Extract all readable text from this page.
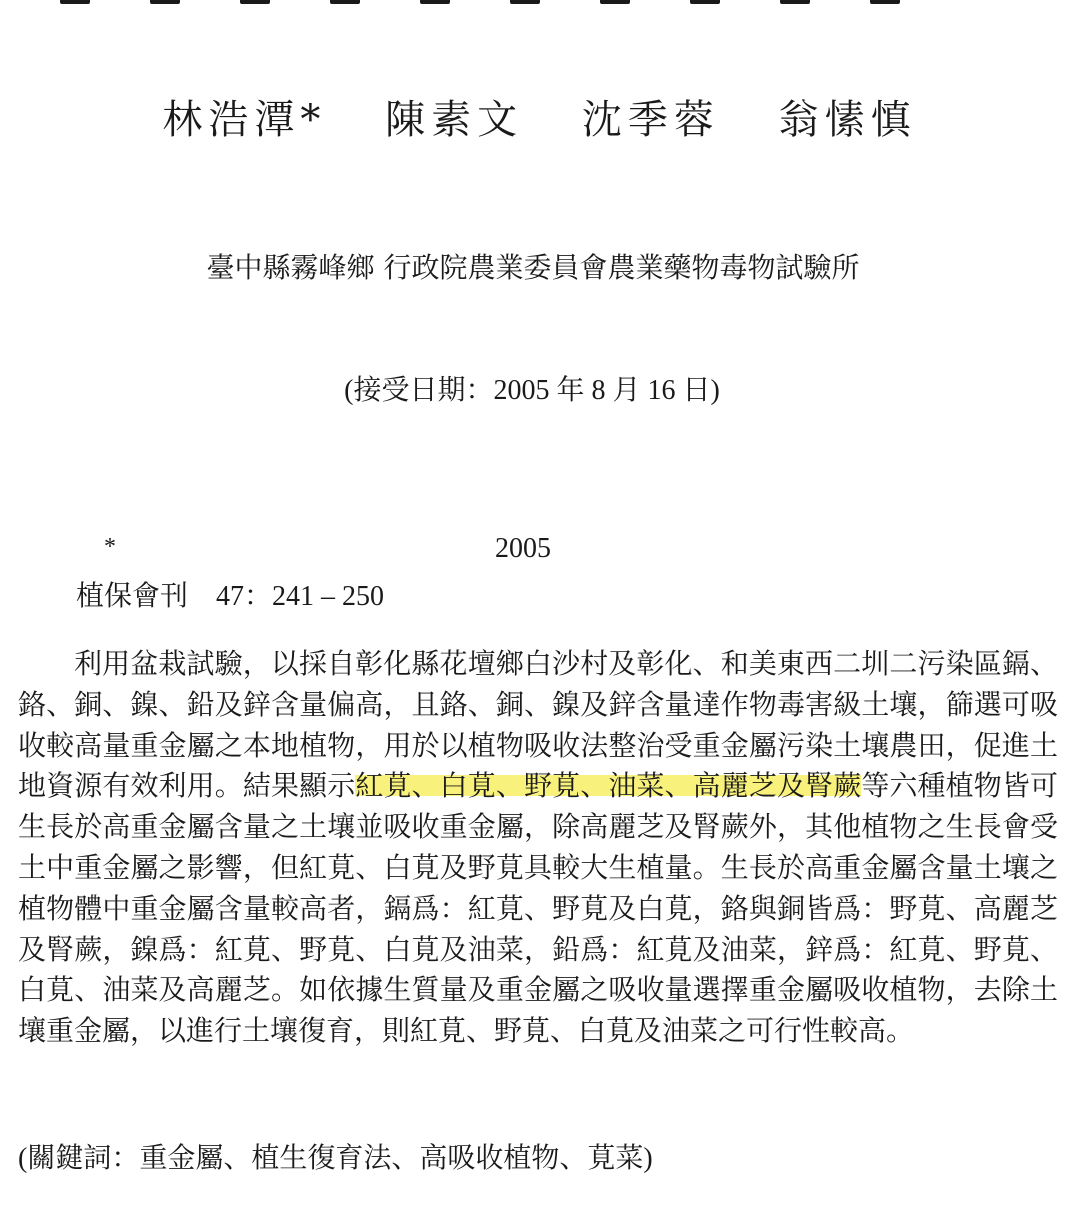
林浩潭* 陳素文 沈季蓉 翁愫慎
臺中縣霧峰鄉 行政院農業委員會農業藥物毒物試驗所
(接受日期：2005 年 8 月 16 日)
*	2005
植保會刊 47：241 – 250

利用盆栽試驗，以採自彰化縣花壇鄉白沙村及彰化、和美東西二圳二污染區鎘、鉻、銅、鎳、鉛及鋅含量偏高，且鉻、銅、鎳及鋅含量達作物毒害級土壤，篩選可吸收較高量重金屬之本地植物，用於以植物吸收法整治受重金屬污染土壤農田，促進土地資源有效利用。結果顯示紅莧、白莧、野莧、油菜、高麗芝及腎蕨等六種植物皆可生長於高重金屬含量之土壤並吸收重金屬，除高麗芝及腎蕨外，其他植物之生長會受土中重金屬之影響，但紅莧、白莧及野莧具較大生植量。生長於高重金屬含量土壤之植物體中重金屬含量較高者，鎘爲：紅莧、野莧及白莧，鉻與銅皆爲：野莧、高麗芝及腎蕨，鎳爲：紅莧、野莧、白莧及油菜，鉛爲：紅莧及油菜，鋅爲：紅莧、野莧、白莧、油菜及高麗芝。如依據生質量及重金屬之吸收量選擇重金屬吸收植物，去除土壤重金屬，以進行土壤復育，則紅莧、野莧、白莧及油菜之可行性較高。

(關鍵詞：重金屬、植生復育法、高吸收植物、莧菜)
